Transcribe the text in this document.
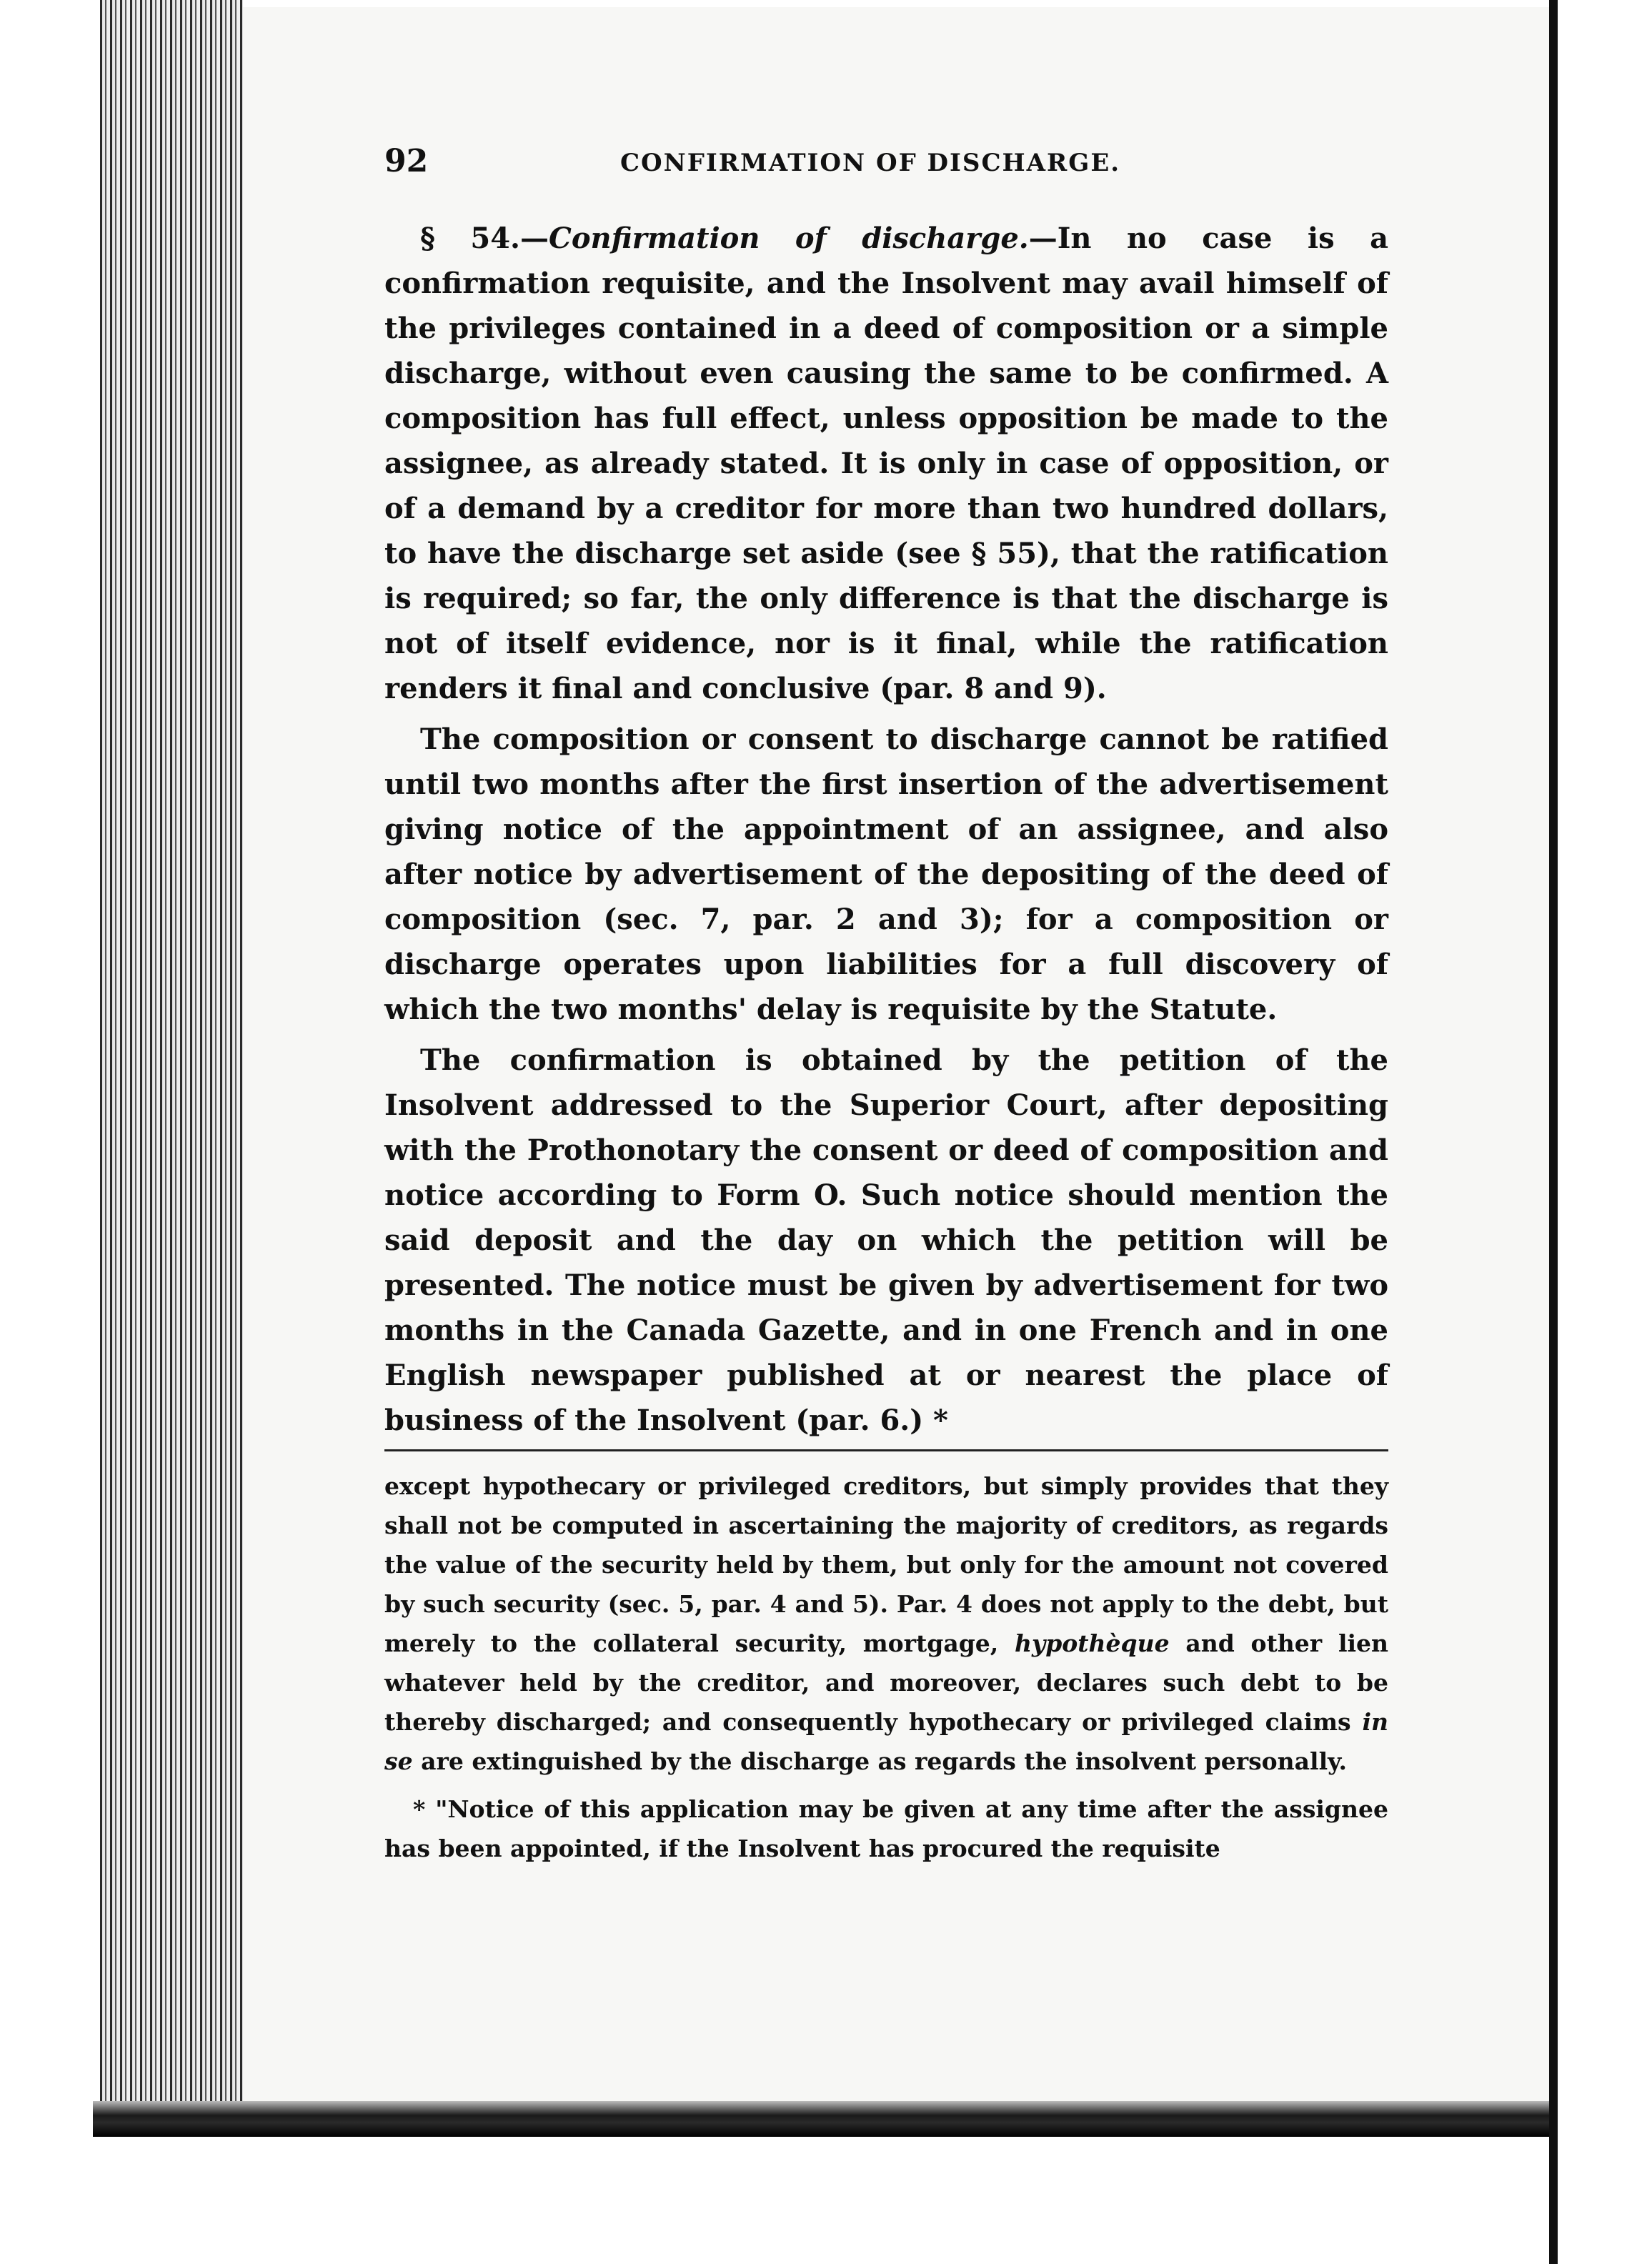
92	CONFIRMATION OF DISCHARGE.

§ 54.—Confirmation of discharge.—In no case is a confirmation requisite, and the Insolvent may avail himself of the privileges contained in a deed of composition or a simple discharge, without even causing the same to be confirmed. A composition has full effect, unless opposition be made to the assignee, as already stated. It is only in case of opposition, or of a demand by a creditor for more than two hundred dollars, to have the discharge set aside (see § 55), that the ratification is required; so far, the only difference is that the discharge is not of itself evidence, nor is it final, while the ratification renders it final and conclusive (par. 8 and 9).

The composition or consent to discharge cannot be ratified until two months after the first insertion of the advertisement giving notice of the appointment of an assignee, and also after notice by advertisement of the depositing of the deed of composition (sec. 7, par. 2 and 3); for a composition or discharge operates upon liabilities for a full discovery of which the two months' delay is requisite by the Statute.

The confirmation is obtained by the petition of the Insolvent addressed to the Superior Court, after depositing with the Prothonotary the consent or deed of composition and notice according to Form O. Such notice should mention the said deposit and the day on which the petition will be presented. The notice must be given by advertisement for two months in the Canada Gazette, and in one French and in one English newspaper published at or nearest the place of business of the Insolvent (par. 6.) *

except hypothecary or privileged creditors, but simply provides that they shall not be computed in ascertaining the majority of creditors, as regards the value of the security held by them, but only for the amount not covered by such security (sec. 5, par. 4 and 5). Par. 4 does not apply to the debt, but merely to the collateral security, mortgage, hypothèque and other lien whatever held by the creditor, and moreover, declares such debt to be thereby discharged; and consequently hypothecary or privileged claims in se are extinguished by the discharge as regards the insolvent personally.

* "Notice of this application may be given at any time after the assignee has been appointed, if the Insolvent has procured the requisite
